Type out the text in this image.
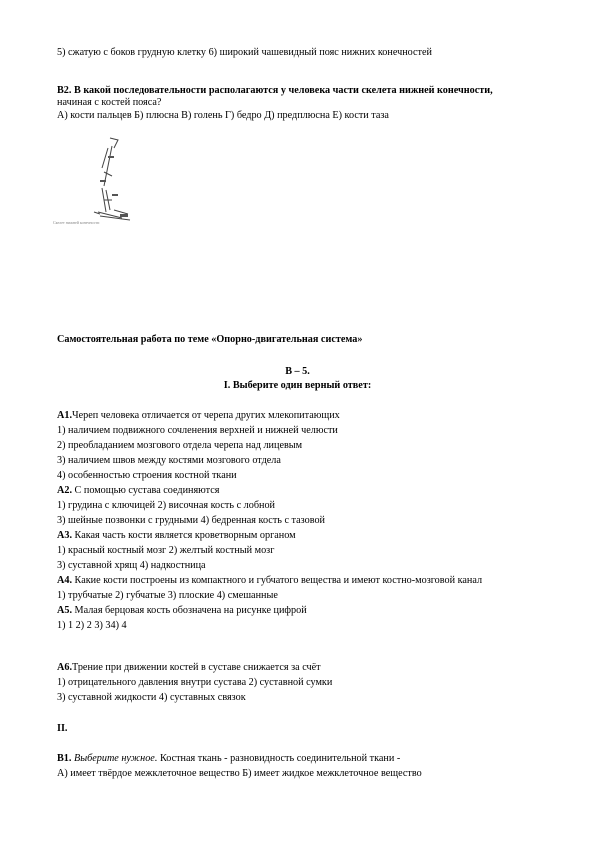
5) сжатую с боков грудную клетку 6) широкий чашевидный пояс нижних конечностей
B2. В какой последовательности располагаются у человека части скелета нижней конечности,
начиная с костей пояса?
А) кости пальцев Б) плюсна В) голень Г) бедро Д) предплюсна Е) кости таза
Скелет нижней конечности
Самостоятельная работа по теме «Опорно-двигательная система»
В – 5.
I. Выберите один верный ответ:
А1.Череп человека отличается от черепа других млекопитающих
1) наличием подвижного сочленения верхней и нижней челюсти
2) преобладанием мозгового отдела черепа над лицевым
3) наличием швов между костями мозгового отдела
4) особенностью строения костной ткани
А2. С помощью сустава соединяются
1) грудина с ключицей 2) височная кость с лобной
3) шейные позвонки с грудными 4) бедренная кость с тазовой
А3. Какая часть кости является кроветворным органом
1) красный костный мозг 2) желтый костный мозг
3) суставной хрящ 4) надкостница
А4. Какие кости построены из компактного и губчатого вещества и имеют костно-мозговой канал
1) трубчатые 2) губчатые 3) плоские 4) смешанные
А5. Малая берцовая кость обозначена на рисунке цифрой
1) 1 2) 2 3) 34) 4
А6.Трение при движении костей в суставе снижается за счёт
1) отрицательного давления внутри сустава 2) суставной сумки
3) суставной жидкости 4) суставных связок
II.
B1. Выберите нужное. Костная ткань - разновидность соединительной ткани -
А) имеет твёрдое межклеточное вещество Б) имеет жидкое межклеточное вещество
